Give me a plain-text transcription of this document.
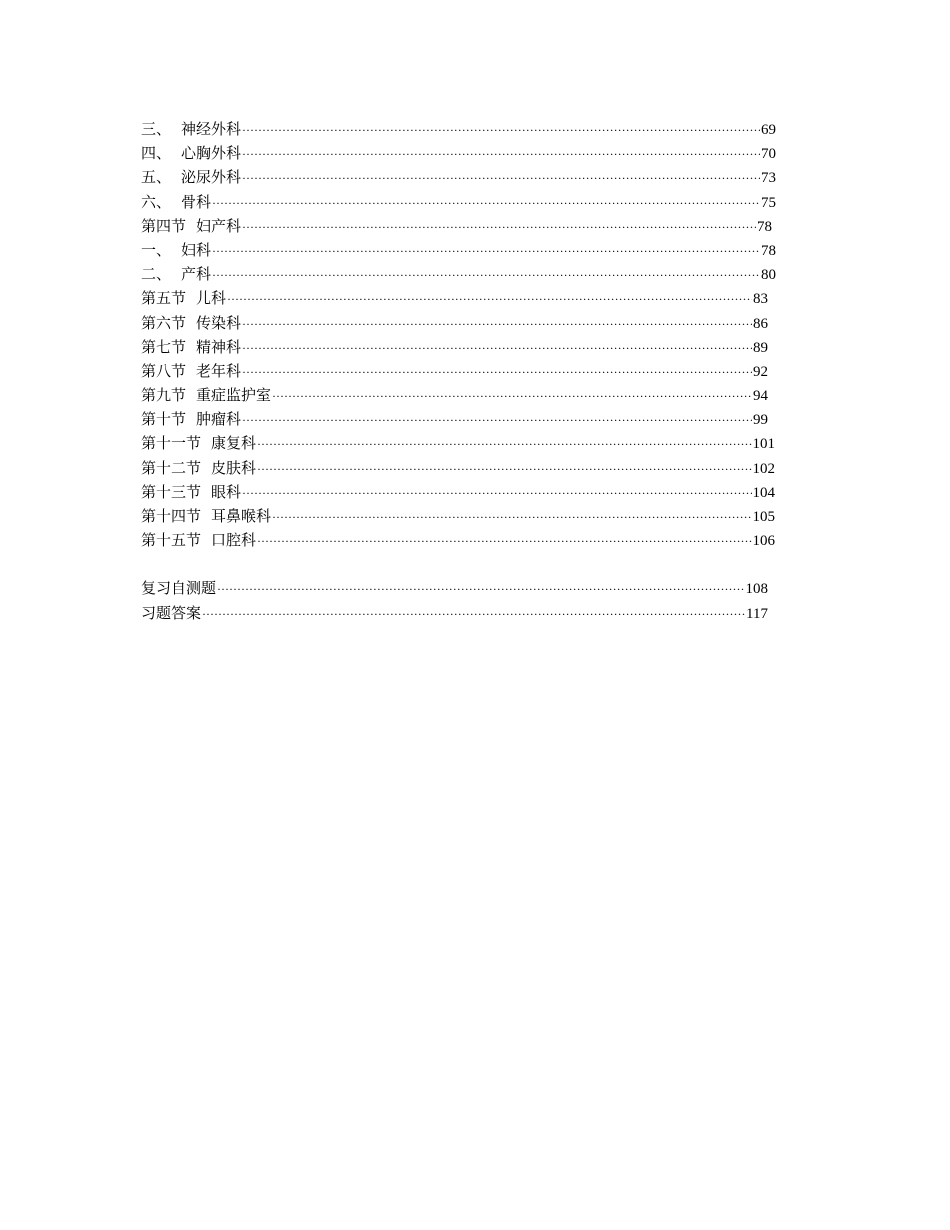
三、 神经外科 ·····	69
四、 心胸外科 ·····	70
五、 泌尿外科 ·····	73
六、 骨科 ·····	75
第四节 妇产科 ·····	78
一、 妇科 ·····	78
二、 产科 ·····	80
第五节 儿科 ·····	83
第六节 传染科 ·····	86
第七节 精神科 ·····	89
第八节 老年科 ·····	92
第九节 重症监护室 ·····	94
第十节 肿瘤科 ·····	99
第十一节 康复科 ·····	101
第十二节 皮肤科 ·····	102
第十三节 眼科 ·····	104
第十四节 耳鼻喉科 ·····	105
第十五节 口腔科 ·····	106
复习自测题 ·····	108
习题答案 ·····	117
